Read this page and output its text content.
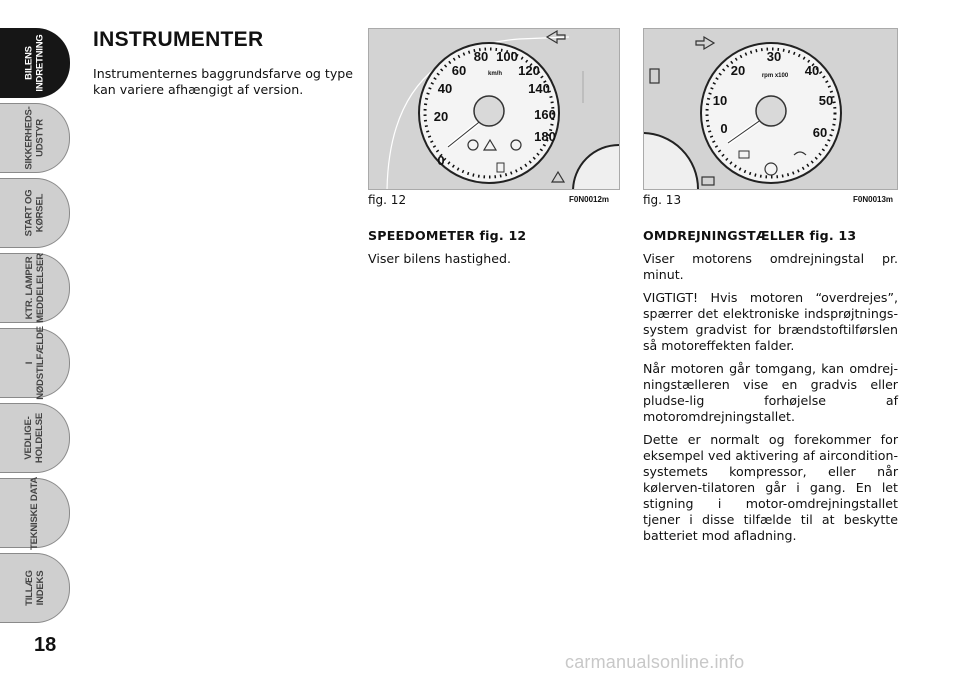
BILENS
INDRETNING
SIKKERHEDS-
UDSTYR
START OG
KØRSEL
KTR. LAMPER
MEDDELELSER
I
NØDSTILFÆLDE
VEDLIGE-
HOLDELSE
TEKNISKE DATA
TILLÆG
INDEKS
18
INSTRUMENTER
Instrumenternes baggrundsfarve og type kan variere afhængigt af version.
0
20
40
60
80 100
120
140
160
180
km/h
fig. 12	F0N0012m
0
10
20
30
40
50
60
rpm x100
fig. 13	F0N0013m
SPEEDOMETER fig. 12

Viser bilens hastighed.

OMDREJNINGSTÆLLER fig. 13

Viser motorens omdrejningstal pr. minut.

VIGTIGT! Hvis motoren “overdrejes”, spærrer det elektroniske indsprøjtnings-system gradvist for brændstoftilførslen så motoreffekten falder.

Når motoren går tomgang, kan omdrej-ningstælleren vise en gradvis eller pludse-lig forhøjelse af motoromdrejningstallet.

Dette er normalt og forekommer for eksempel ved aktivering af aircondition-systemets kompressor, eller når kølerven-tilatoren går i gang. En let stigning i motor-omdrejningstallet tjener i disse tilfælde til at beskytte batteriet mod afladning.

carmanualsonline.info
